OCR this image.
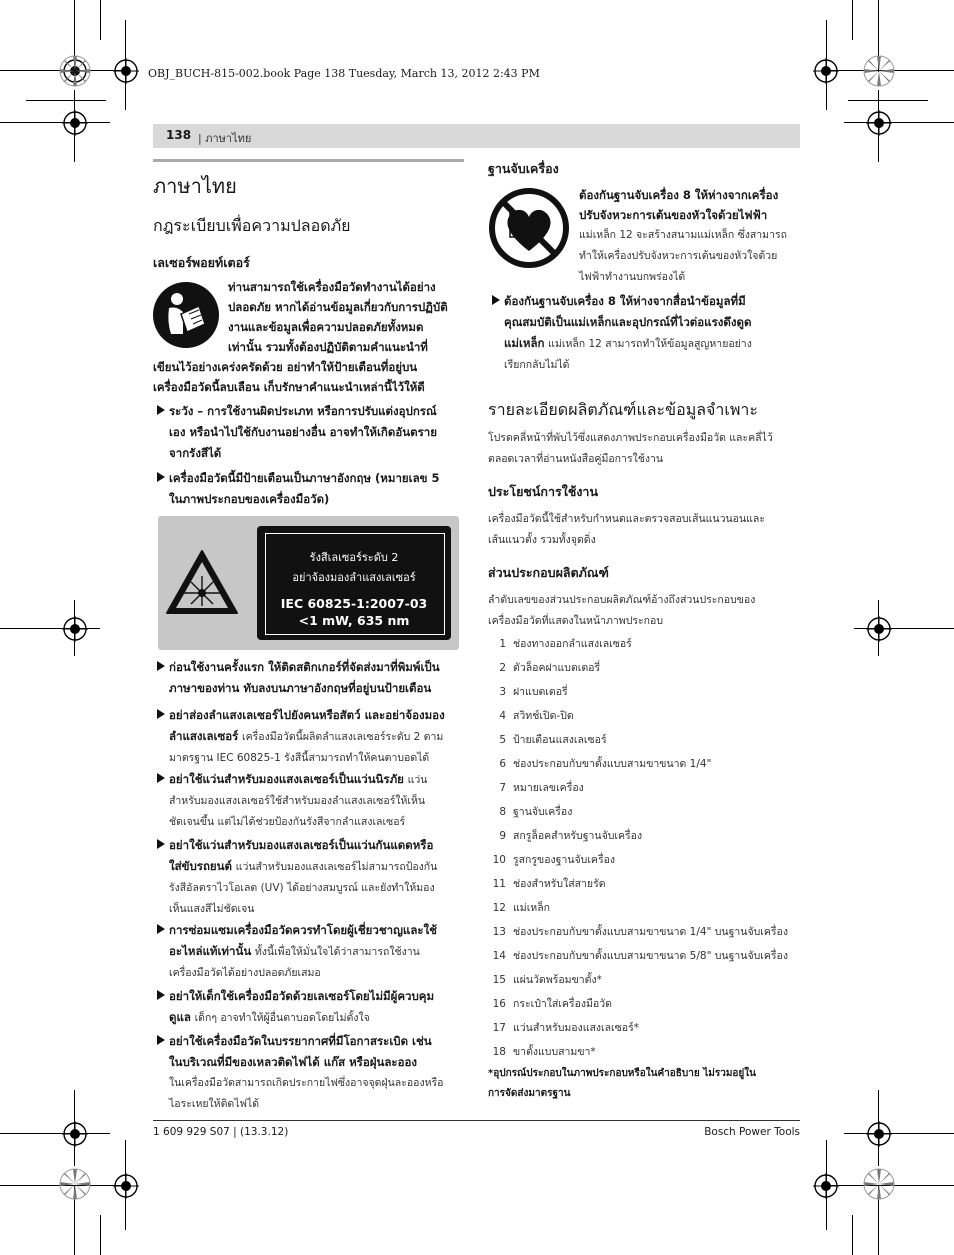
OBJ_BUCH-815-002.book Page 138 Tuesday, March 13, 2012 2:43 PM
138 | ภาษาไทย
ภาษาไทย
กฎระเบียบเพื่อความปลอดภัย
เลเซอร์พอยท์เตอร์
ท่านสามารถใช้เครื่องมือวัดทำงานได้อย่าง
ปลอดภัย หากได้อ่านข้อมูลเกี่ยวกับการปฏิบัติ
งานและข้อมูลเพื่อความปลอดภัยทั้งหมด
เท่านั้น รวมทั้งต้องปฏิบัติตามคำแนะนำที่
เขียนไว้อย่างเคร่งครัดด้วย อย่าทำให้ป้ายเตือนที่อยู่บน
เครื่องมือวัดนี้ลบเลือน เก็บรักษาคำแนะนำเหล่านี้ไว้ให้ดี
ระวัง – การใช้งานผิดประเภท หรือการปรับแต่งอุปกรณ์
เอง หรือนำไปใช้กับงานอย่างอื่น อาจทำให้เกิดอันตราย
จากรังสีได้
เครื่องมือวัดนี้มีป้ายเตือนเป็นภาษาอังกฤษ (หมายเลข 5
ในภาพประกอบของเครื่องมือวัด)
รังสีเลเซอร์ระดับ 2
อย่าจ้องมองลำแสงเลเซอร์
IEC 60825-1:2007-03
<1 mW, 635 nm
ก่อนใช้งานครั้งแรก ให้ติดสติกเกอร์ที่จัดส่งมาที่พิมพ์เป็น
ภาษาของท่าน ทับลงบนภาษาอังกฤษที่อยู่บนป้ายเตือน
อย่าส่องลำแสงเลเซอร์ไปยังคนหรือสัตว์ และอย่าจ้องมอง
ลำแสงเลเซอร์ เครื่องมือวัดนี้ผลิตลำแสงเลเซอร์ระดับ 2 ตาม
มาตรฐาน IEC 60825-1 รังสีนี้สามารถทำให้คนตาบอดได้
อย่าใช้แว่นสำหรับมองแสงเลเซอร์เป็นแว่นนิรภัย แว่น
สำหรับมองแสงเลเซอร์ใช้สำหรับมองลำแสงเลเซอร์ให้เห็น
ชัดเจนขึ้น แต่ไม่ได้ช่วยป้องกันรังสีจากลำแสงเลเซอร์
อย่าใช้แว่นสำหรับมองแสงเลเซอร์เป็นแว่นกันแดดหรือ
ใส่ขับรถยนต์ แว่นสำหรับมองแสงเลเซอร์ไม่สามารถป้องกัน
รังสีอัลตราไวโอเลต (UV) ได้อย่างสมบูรณ์ และยังทำให้มอง
เห็นแสงสีไม่ชัดเจน
การซ่อมแซมเครื่องมือวัดควรทำโดยผู้เชี่ยวชาญและใช้
อะไหล่แท้เท่านั้น ทั้งนี้เพื่อให้มั่นใจได้ว่าสามารถใช้งาน
เครื่องมือวัดได้อย่างปลอดภัยเสมอ
อย่าให้เด็กใช้เครื่องมือวัดด้วยเลเซอร์โดยไม่มีผู้ควบคุม
ดูแล เด็กๆ อาจทำให้ผู้อื่นตาบอดโดยไม่ตั้งใจ
อย่าใช้เครื่องมือวัดในบรรยากาศที่มีโอกาสระเบิด เช่น
ในบริเวณที่มีของเหลวติดไฟได้ แก๊ส หรือฝุ่นละออง
ในเครื่องมือวัดสามารถเกิดประกายไฟซึ่งอาจจุดฝุ่นละอองหรือ
ไอระเหยให้ติดไฟได้
ฐานจับเครื่อง
ต้องกันฐานจับเครื่อง 8 ให้ห่างจากเครื่อง
ปรับจังหวะการเต้นของหัวใจด้วยไฟฟ้า
แม่เหล็ก 12 จะสร้างสนามแม่เหล็ก ซึ่งสามารถ
ทำให้เครื่องปรับจังหวะการเต้นของหัวใจด้วย
ไฟฟ้าทำงานบกพร่องได้
ต้องกันฐานจับเครื่อง 8 ให้ห่างจากสื่อนำข้อมูลที่มี
คุณสมบัติเป็นแม่เหล็กและอุปกรณ์ที่ไวต่อแรงดึงดูด
แม่เหล็ก แม่เหล็ก 12 สามารถทำให้ข้อมูลสูญหายอย่าง
เรียกกลับไม่ได้
รายละเอียดผลิตภัณฑ์และข้อมูลจำเพาะ
โปรดคลี่หน้าที่พับไว้ซึ่งแสดงภาพประกอบเครื่องมือวัด และคลี่ไว้
ตลอดเวลาที่อ่านหนังสือคู่มือการใช้งาน
ประโยชน์การใช้งาน
เครื่องมือวัดนี้ใช้สำหรับกำหนดและตรวจสอบเส้นแนวนอนและ
เส้นแนวตั้ง รวมทั้งจุดดิ่ง
ส่วนประกอบผลิตภัณฑ์
ลำดับเลขของส่วนประกอบผลิตภัณฑ์อ้างถึงส่วนประกอบของ
เครื่องมือวัดที่แสดงในหน้าภาพประกอบ
1 ช่องทางออกลำแสงเลเซอร์
2 ตัวล็อคฝาแบตเตอรี่
3 ฝาแบตเตอรี่
4 สวิทช์เปิด-ปิด
5 ป้ายเตือนแสงเลเซอร์
6 ช่องประกอบกับขาตั้งแบบสามขาขนาด 1/4"
7 หมายเลขเครื่อง
8 ฐานจับเครื่อง
9 สกรูล็อคสำหรับฐานจับเครื่อง
10 รูสกรูของฐานจับเครื่อง
11 ช่องสำหรับใส่สายรัด
12 แม่เหล็ก
13 ช่องประกอบกับขาตั้งแบบสามขาขนาด 1/4" บนฐานจับเครื่อง
14 ช่องประกอบกับขาตั้งแบบสามขาขนาด 5/8" บนฐานจับเครื่อง
15 แผ่นวัดพร้อมขาตั้ง*
16 กระเป๋าใส่เครื่องมือวัด
17 แว่นสำหรับมองแสงเลเซอร์*
18 ขาตั้งแบบสามขา*
*อุปกรณ์ประกอบในภาพประกอบหรือในคำอธิบาย ไม่รวมอยู่ใน
การจัดส่งมาตรฐาน
1 609 929 S07 | (13.3.12)	Bosch Power Tools
